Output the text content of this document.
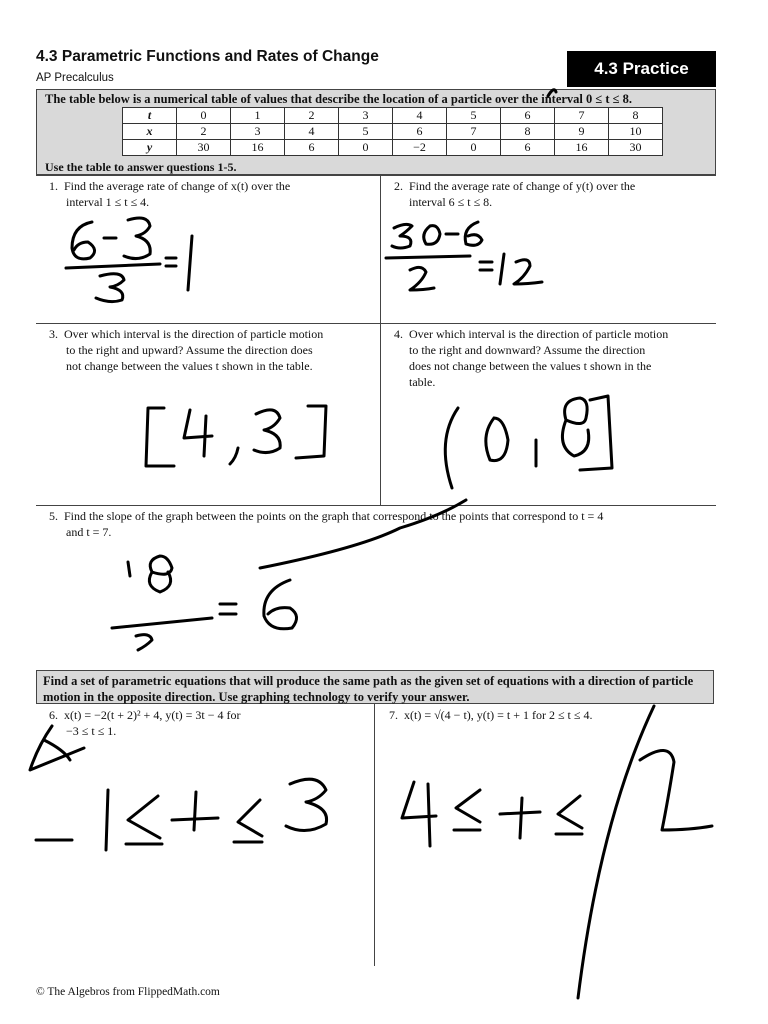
4.3 Parametric Functions and Rates of Change
AP Precalculus	4.3 Practice
The table below is a numerical table of values that describe the location of a particle over the interval 0 ≤ t ≤ 8.
t	0	1	2	3	4	5	6	7	8
x	2	3	4	5	6	7	8	9	10
y	30	16	6	0	−2	0	6	16	30
Use the table to answer questions 1-5.
1. Find the average rate of change of x(t) over the
interval 1 ≤ t ≤ 4.
2. Find the average rate of change of y(t) over the
interval 6 ≤ t ≤ 8.
3. Over which interval is the direction of particle motion
to the right and upward? Assume the direction does
not change between the values t shown in the table.
4. Over which interval is the direction of particle motion
to the right and downward? Assume the direction
does not change between the values t shown in the
table.
5. Find the slope of the graph between the points on the graph that correspond to the points that correspond to t = 4
and t = 7.
Find a set of parametric equations that will produce the same path as the given set of equations with a direction of particle motion in the opposite direction. Use graphing technology to verify your answer.
6. x(t) = −2(t + 2)² + 4, y(t) = 3t − 4 for
−3 ≤ t ≤ 1.
7. x(t) = √(4 − t), y(t) = t + 1 for 2 ≤ t ≤ 4.
© The Algebros from FlippedMath.com
